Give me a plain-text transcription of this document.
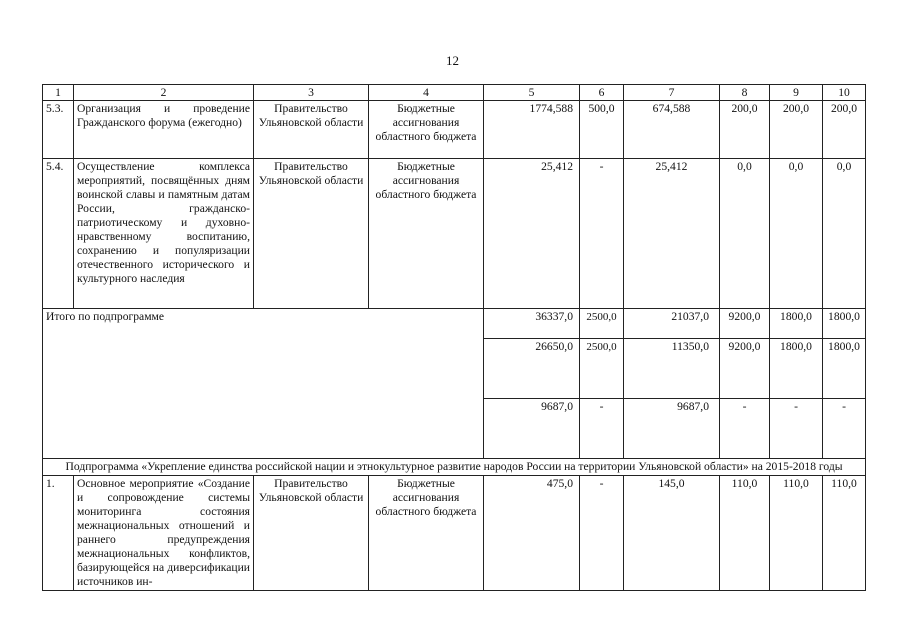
12
1	2	3	4	5	6	7	8	9	10
5.3.	Организация и проведение Гражданского форума (ежегодно)	Правительство Ульяновской области	Бюджетные ассигнования областного бюджета	1774,588	500,0	674,588	200,0	200,0	200,0
5.4.	Осуществление комплекса мероприятий, посвящённых дням воинской славы и памятным датам России, гражданско-патриотическому и духовно-нравственному воспитанию, сохранению и популяризации отечественного исторического и культурного наследия	Правительство Ульяновской области	Бюджетные ассигнования областного бюджета	25,412	-	25,412	0,0	0,0	0,0

Итого по подпрограмме				36337,0	2500,0	21037,0	9200,0	1800,0	1800,0
				26650,0	2500,0	11350,0	9200,0	1800,0	1800,0
				9687,0	-	9687,0	-	-	-
Подпрограмма «Укрепление единства российской нации и этнокультурное развитие народов России на территории Ульяновской области» на 2015-2018 годы									
1.	Основное мероприятие «Создание и сопровождение системы мониторинга состояния межнациональных отношений и раннего предупреждения межнациональных конфликтов, базирующейся на диверсификации источников ин-	Правительство Ульяновской области	Бюджетные ассигнования областного бюджета	475,0	-	145,0	110,0	110,0	110,0
